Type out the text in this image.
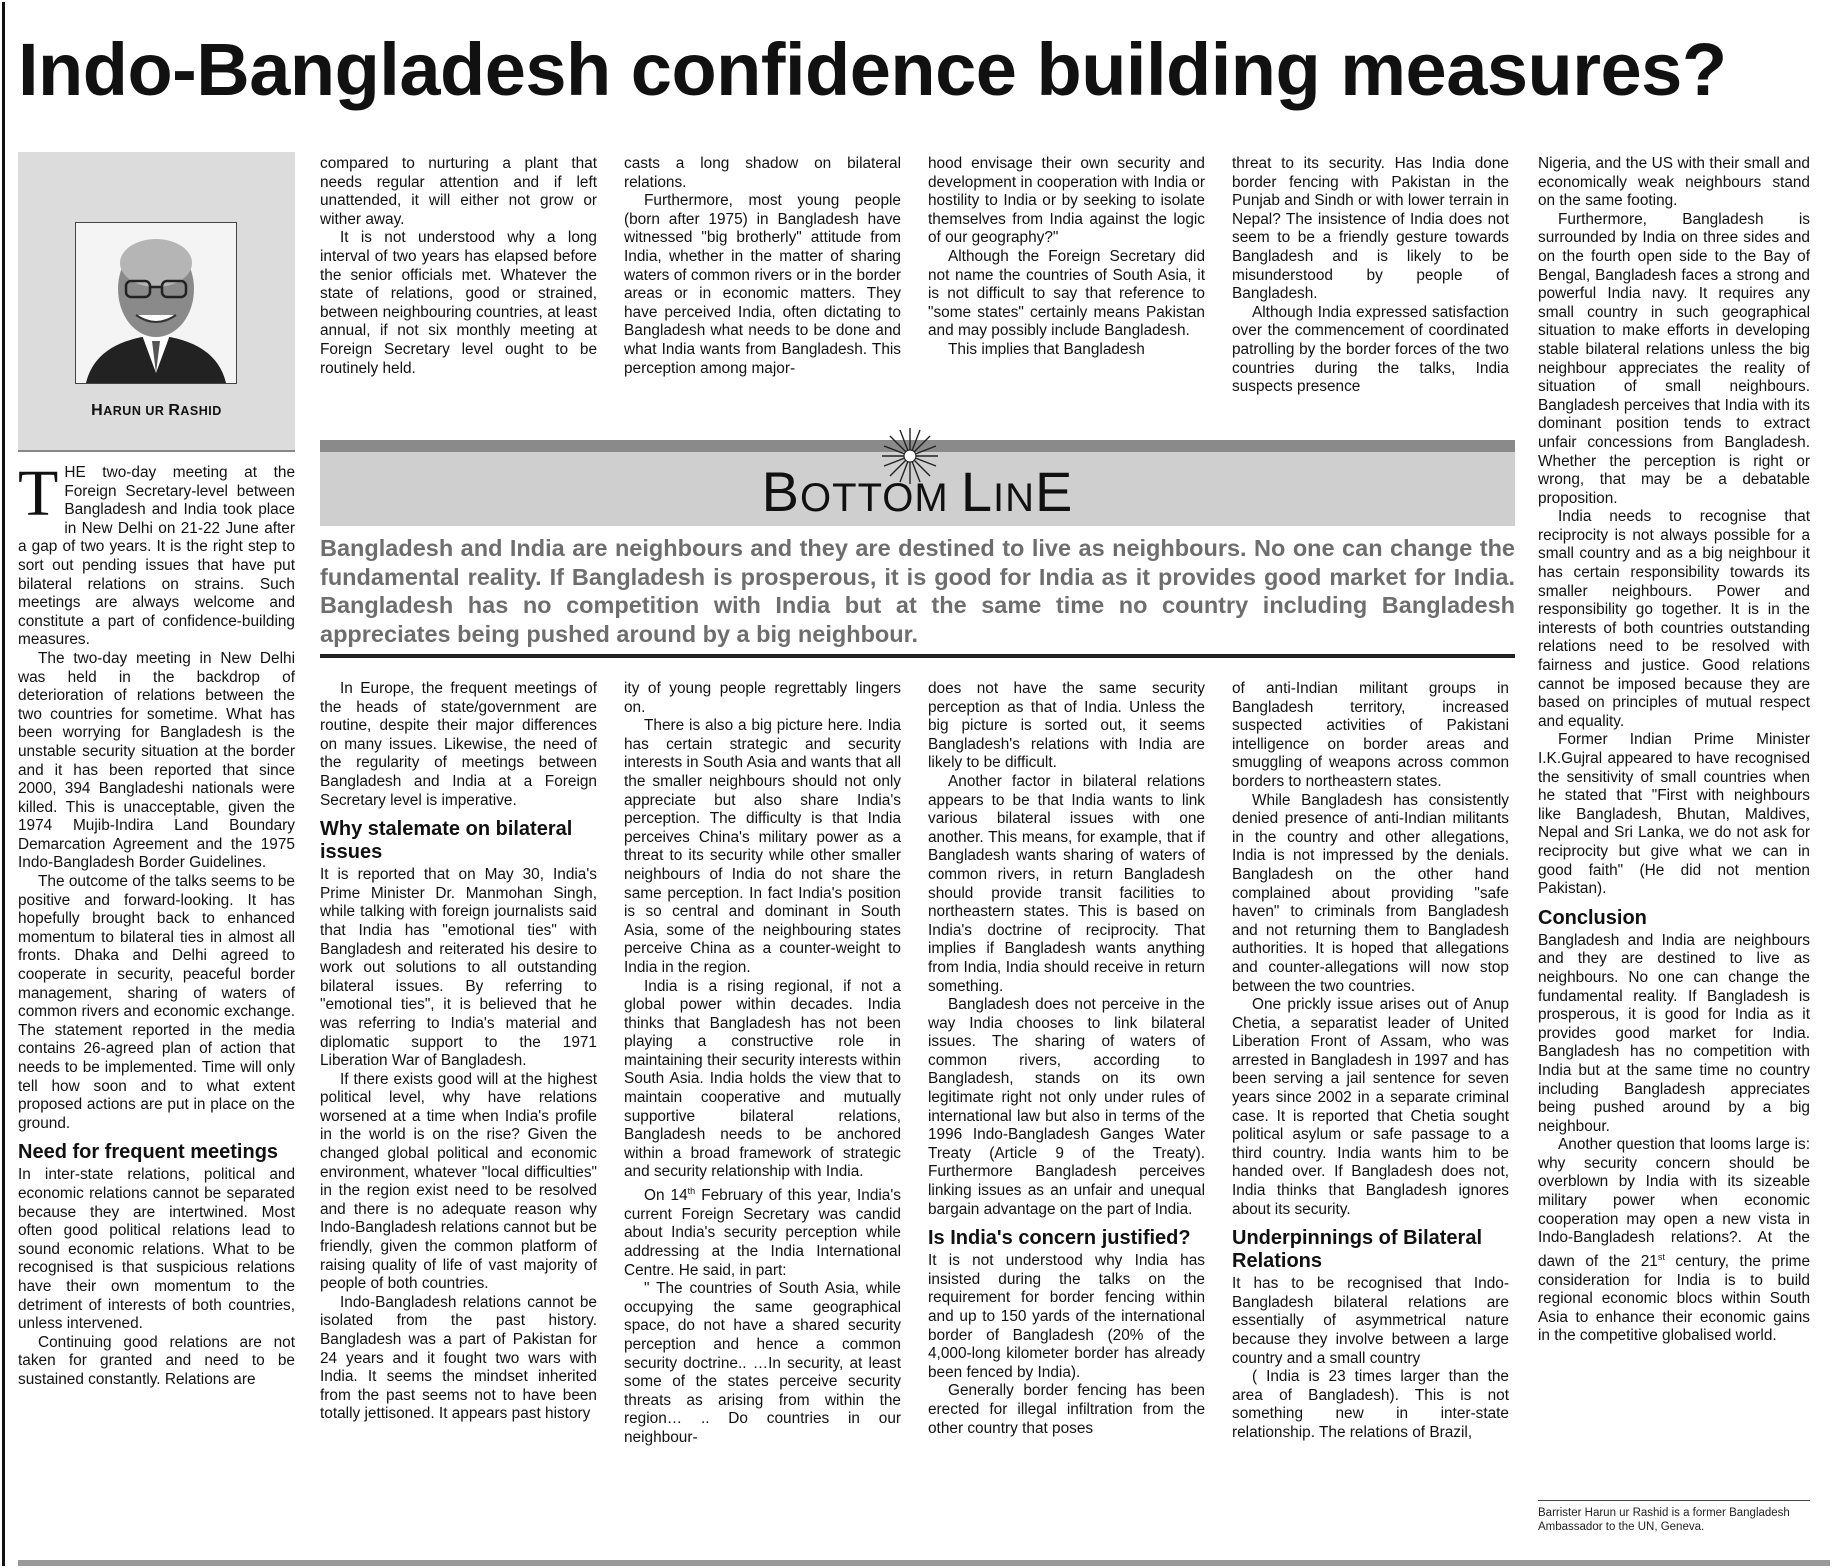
Indo-Bangladesh confidence building measures?
HARUN UR RASHID

THE two-day meeting at the Foreign Secretary-level between Bangladesh and India took place in New Delhi on 21-22 June after a gap of two years. It is the right step to sort out pending issues that have put bilateral relations on strains. Such meetings are always welcome and constitute a part of confidence-building measures.

The two-day meeting in New Delhi was held in the backdrop of deterioration of relations between the two countries for sometime. What has been worrying for Bangladesh is the unstable security situation at the border and it has been reported that since 2000, 394 Bangladeshi nationals were killed. This is unacceptable, given the 1974 Mujib-Indira Land Boundary Demarcation Agreement and the 1975 Indo-Bangladesh Border Guidelines.

The outcome of the talks seems to be positive and forward-looking. It has hopefully brought back to enhanced momentum to bilateral ties in almost all fronts. Dhaka and Delhi agreed to cooperate in security, peaceful border management, sharing of waters of common rivers and economic exchange. The statement reported in the media contains 26-agreed plan of action that needs to be implemented. Time will only tell how soon and to what extent proposed actions are put in place on the ground.

Need for frequent meetings

In inter-state relations, political and economic relations cannot be separated because they are intertwined. Most often good political relations lead to sound economic relations. What to be recognised is that suspicious relations have their own momentum to the detriment of interests of both countries, unless intervened.

Continuing good relations are not taken for granted and need to be sustained constantly. Relations are

compared to nurturing a plant that needs regular attention and if left unattended, it will either not grow or wither away.

It is not understood why a long interval of two years has elapsed before the senior officials met. Whatever the state of relations, good or strained, between neighbouring countries, at least annual, if not six monthly meeting at Foreign Secretary level ought to be routinely held.

casts a long shadow on bilateral relations.

Furthermore, most young people (born after 1975) in Bangladesh have witnessed "big brotherly" attitude from India, whether in the matter of sharing waters of common rivers or in the border areas or in economic matters. They have perceived India, often dictating to Bangladesh what needs to be done and what India wants from Bangladesh. This perception among major-

hood envisage their own security and development in cooperation with India or hostility to India or by seeking to isolate themselves from India against the logic of our geography?"

Although the Foreign Secretary did not name the countries of South Asia, it is not difficult to say that reference to "some states" certainly means Pakistan and may possibly include Bangladesh.

This implies that Bangladesh

threat to its security. Has India done border fencing with Pakistan in the Punjab and Sindh or with lower terrain in Nepal? The insistence of India does not seem to be a friendly gesture towards Bangladesh and is likely to be misunderstood by people of Bangladesh.

Although India expressed satisfaction over the commencement of coordinated patrolling by the border forces of the two countries during the talks, India suspects presence

BOTTOM LINE
Bangladesh and India are neighbours and they are destined to live as neighbours. No one can change the fundamental reality. If Bangladesh is prosperous, it is good for India as it provides good market for India. Bangladesh has no competition with India but at the same time no country including Bangladesh appreciates being pushed around by a big neighbour.

In Europe, the frequent meetings of the heads of state/government are routine, despite their major differences on many issues. Likewise, the need of the regularity of meetings between Bangladesh and India at a Foreign Secretary level is imperative.

Why stalemate on bilateral issues

It is reported that on May 30, India's Prime Minister Dr. Manmohan Singh, while talking with foreign journalists said that India has "emotional ties" with Bangladesh and reiterated his desire to work out solutions to all outstanding bilateral issues. By referring to "emotional ties", it is believed that he was referring to India's material and diplomatic support to the 1971 Liberation War of Bangladesh.

If there exists good will at the highest political level, why have relations worsened at a time when India's profile in the world is on the rise? Given the changed global political and economic environment, whatever "local difficulties" in the region exist need to be resolved and there is no adequate reason why Indo-Bangladesh relations cannot but be friendly, given the common platform of raising quality of life of vast majority of people of both countries.

Indo-Bangladesh relations cannot be isolated from the past history. Bangladesh was a part of Pakistan for 24 years and it fought two wars with India. It seems the mindset inherited from the past seems not to have been totally jettisoned. It appears past history

ity of young people regrettably lingers on.

There is also a big picture here. India has certain strategic and security interests in South Asia and wants that all the smaller neighbours should not only appreciate but also share India's perception. The difficulty is that India perceives China's military power as a threat to its security while other smaller neighbours of India do not share the same perception. In fact India's position is so central and dominant in South Asia, some of the neighbouring states perceive China as a counter-weight to India in the region.

India is a rising regional, if not a global power within decades. India thinks that Bangladesh has not been playing a constructive role in maintaining their security interests within South Asia. India holds the view that to maintain cooperative and mutually supportive bilateral relations, Bangladesh needs to be anchored within a broad framework of strategic and security relationship with India.

On 14th February of this year, India's current Foreign Secretary was candid about India's security perception while addressing at the India International Centre. He said, in part:

" The countries of South Asia, while occupying the same geographical space, do not have a shared security perception and hence a common security doctrine.. …In security, at least some of the states perceive security threats as arising from within the region… .. Do countries in our neighbour-

does not have the same security perception as that of India. Unless the big picture is sorted out, it seems Bangladesh's relations with India are likely to be difficult.

Another factor in bilateral relations appears to be that India wants to link various bilateral issues with one another. This means, for example, that if Bangladesh wants sharing of waters of common rivers, in return Bangladesh should provide transit facilities to northeastern states. This is based on India's doctrine of reciprocity. That implies if Bangladesh wants anything from India, India should receive in return something.

Bangladesh does not perceive in the way India chooses to link bilateral issues. The sharing of waters of common rivers, according to Bangladesh, stands on its own legitimate right not only under rules of international law but also in terms of the 1996 Indo-Bangladesh Ganges Water Treaty (Article 9 of the Treaty). Furthermore Bangladesh perceives linking issues as an unfair and unequal bargain advantage on the part of India.

Is India's concern justified?

It is not understood why India has insisted during the talks on the requirement for border fencing within and up to 150 yards of the international border of Bangladesh (20% of the 4,000-long kilometer border has already been fenced by India).

Generally border fencing has been erected for illegal infiltration from the other country that poses

of anti-Indian militant groups in Bangladesh territory, increased suspected activities of Pakistani intelligence on border areas and smuggling of weapons across common borders to northeastern states.

While Bangladesh has consistently denied presence of anti-Indian militants in the country and other allegations, India is not impressed by the denials. Bangladesh on the other hand complained about providing "safe haven" to criminals from Bangladesh and not returning them to Bangladesh authorities. It is hoped that allegations and counter-allegations will now stop between the two countries.

One prickly issue arises out of Anup Chetia, a separatist leader of United Liberation Front of Assam, who was arrested in Bangladesh in 1997 and has been serving a jail sentence for seven years since 2002 in a separate criminal case. It is reported that Chetia sought political asylum or safe passage to a third country. India wants him to be handed over. If Bangladesh does not, India thinks that Bangladesh ignores about its security.

Underpinnings of Bilateral Relations

It has to be recognised that Indo-Bangladesh bilateral relations are essentially of asymmetrical nature because they involve between a large country and a small country

( India is 23 times larger than the area of Bangladesh). This is not something new in inter-state relationship. The relations of Brazil,

Nigeria, and the US with their small and economically weak neighbours stand on the same footing.

Furthermore, Bangladesh is surrounded by India on three sides and on the fourth open side to the Bay of Bengal, Bangladesh faces a strong and powerful India navy. It requires any small country in such geographical situation to make efforts in developing stable bilateral relations unless the big neighbour appreciates the reality of situation of small neighbours. Bangladesh perceives that India with its dominant position tends to extract unfair concessions from Bangladesh. Whether the perception is right or wrong, that may be a debatable proposition.

India needs to recognise that reciprocity is not always possible for a small country and as a big neighbour it has certain responsibility towards its smaller neighbours. Power and responsibility go together. It is in the interests of both countries outstanding relations need to be resolved with fairness and justice. Good relations cannot be imposed because they are based on principles of mutual respect and equality.

Former Indian Prime Minister I.K.Gujral appeared to have recognised the sensitivity of small countries when he stated that "First with neighbours like Bangladesh, Bhutan, Maldives, Nepal and Sri Lanka, we do not ask for reciprocity but give what we can in good faith" (He did not mention Pakistan).

Conclusion

Bangladesh and India are neighbours and they are destined to live as neighbours. No one can change the fundamental reality. If Bangladesh is prosperous, it is good for India as it provides good market for India. Bangladesh has no competition with India but at the same time no country including Bangladesh appreciates being pushed around by a big neighbour.

Another question that looms large is: why security concern should be overblown by India with its sizeable military power when economic cooperation may open a new vista in Indo-Bangladesh relations?. At the dawn of the 21st century, the prime consideration for India is to build regional economic blocs within South Asia to enhance their economic gains in the competitive globalised world.

Barrister Harun ur Rashid is a former Bangladesh Ambassador to the UN, Geneva.
